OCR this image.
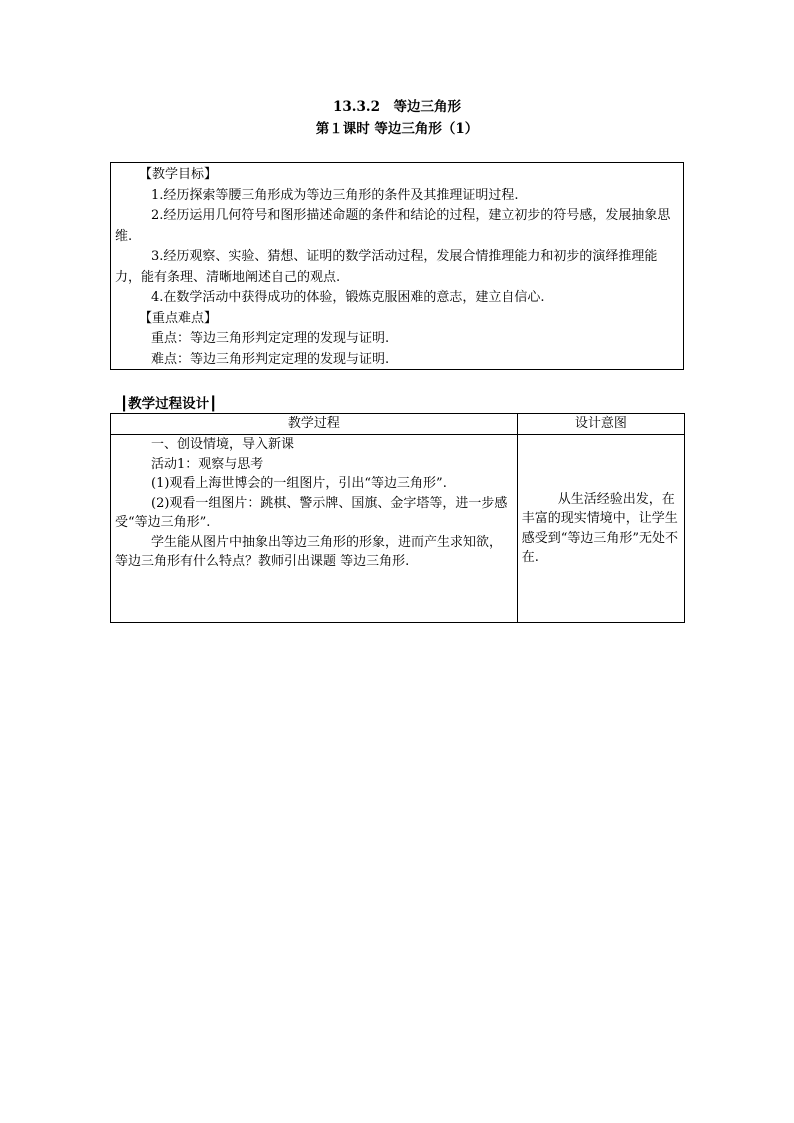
13.3.2　等边三角形
第１课时 等边三角形（1）

【教学目标】

1.经历探索等腰三角形成为等边三角形的条件及其推理证明过程.

2.经历运用几何符号和图形描述命题的条件和结论的过程，建立初步的符号感，发展抽象思维.

3.经历观察、实验、猜想、证明的数学活动过程，发展合情推理能力和初步的演绎推理能力，能有条理、清晰地阐述自己的观点.

4.在数学活动中获得成功的体验，锻炼克服困难的意志，建立自信心.

【重点难点】

重点：等边三角形判定定理的发现与证明.

难点：等边三角形判定定理的发现与证明.

┃教学过程设计┃
教学过程	设计意图

一、创设情境，导入新课

活动1：观察与思考

(1)观看上海世博会的一组图片，引出“等边三角形”.

(2)观看一组图片：跳棋、警示牌、国旗、金字塔等，进一步感受“等边三角形”.

学生能从图片中抽象出等边三角形的形象，进而产生求知欲，等边三角形有什么特点？教师引出课题 等边三角形.	从生活经验出发，在丰富的现实情境中，让学生感受到“等边三角形”无处不在.
